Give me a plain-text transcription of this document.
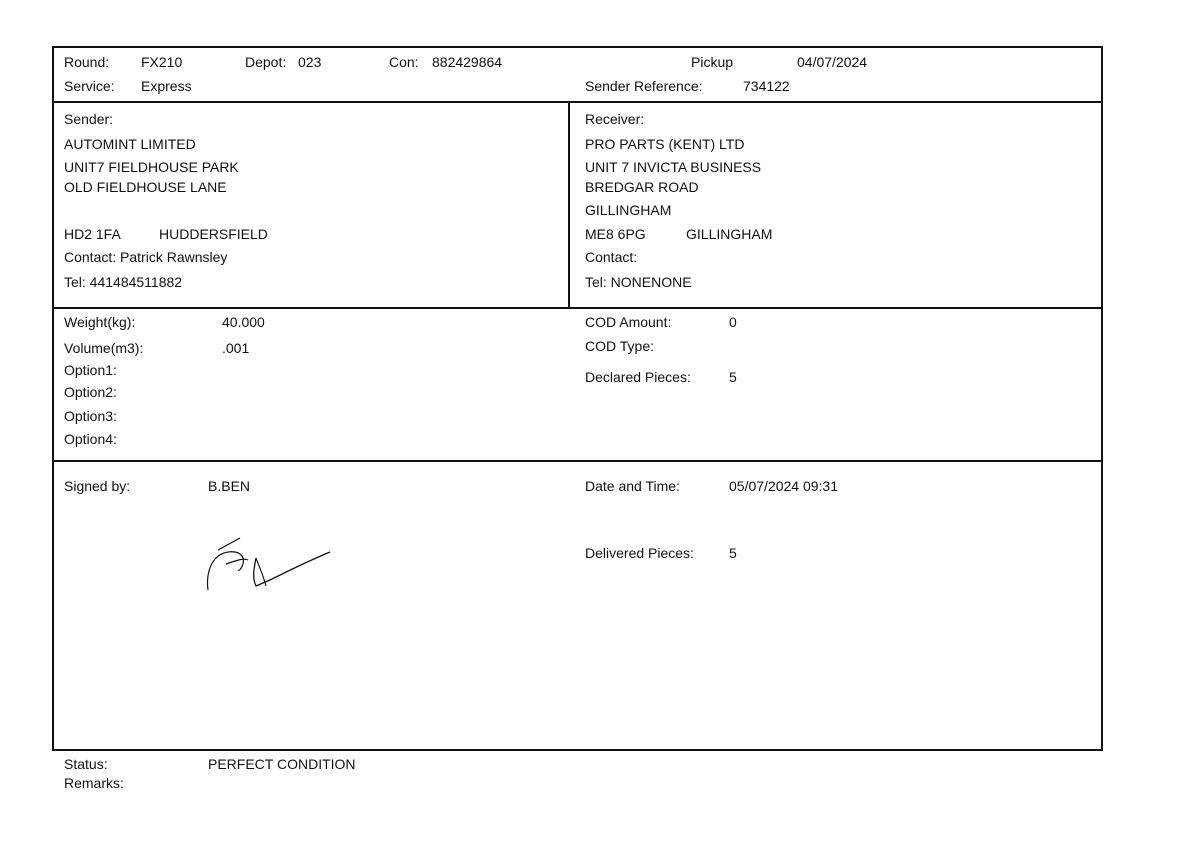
Round: FX210	Depot: 023	Con: 882429864
Service: Express
Pickup	04/07/2024
Sender Reference:	734122
Sender:
AUTOMINT LIMITED
UNIT7 FIELDHOUSE PARK
OLD FIELDHOUSE LANE
HD2 1FA	HUDDERSFIELD
Contact: Patrick Rawnsley
Tel: 441484511882
Receiver:
PRO PARTS (KENT) LTD
UNIT 7 INVICTA BUSINESS
BREDGAR ROAD
GILLINGHAM
ME8 6PG	GILLINGHAM
Contact:
Tel: NONENONE
Weight(kg):	40.000
Volume(m3):	.001
Option1:
Option2:
Option3:
Option4:
COD Amount:	0
COD Type:
Declared Pieces:	5
Signed by:	B.BEN	Date and Time:	05/07/2024 09:31
Delivered Pieces:	5
Status:	PERFECT CONDITION
Remarks:
